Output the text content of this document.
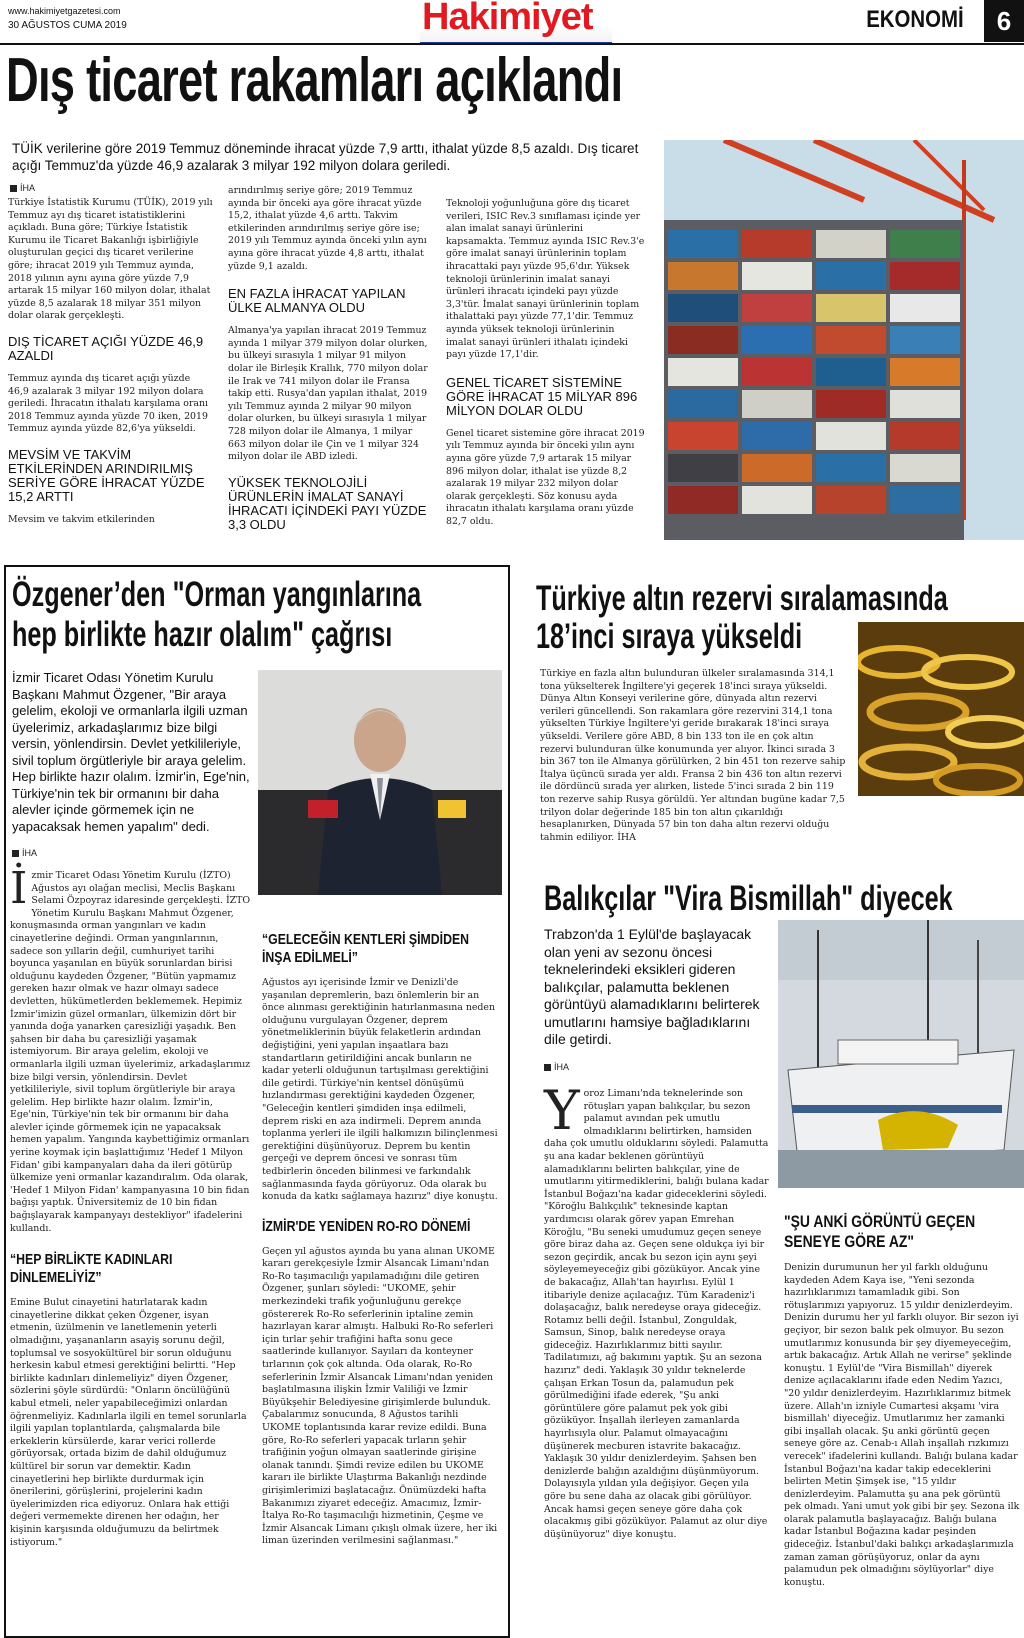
www.hakimiyetgazetesi.com
30 AĞUSTOS CUMA 2019	Hakimiyet	EKONOMİ	6
Dış ticaret rakamları açıklandı
TÜİK verilerine göre 2019 Temmuz döneminde ihracat yüzde 7,9 arttı, ithalat yüzde 8,5 azaldı. Dış ticaret açığı Temmuz'da yüzde 46,9 azalarak 3 milyar 192 milyon dolara geriledi.
İHA

Türkiye İstatistik Kurumu (TÜİK), 2019 yılı Temmuz ayı dış ticaret istatistiklerini açıkladı. Buna göre; Türkiye İstatistik Kurumu ile Ticaret Bakanlığı işbirliğiyle oluşturulan geçici dış ticaret verilerine göre; ihracat 2019 yılı Temmuz ayında, 2018 yılının aynı ayına göre yüzde 7,9 artarak 15 milyar 160 milyon dolar, ithalat yüzde 8,5 azalarak 18 milyar 351 milyon dolar olarak gerçekleşti.

DIŞ TİCARET AÇIĞI YÜZDE 46,9 AZALDI

Temmuz ayında dış ticaret açığı yüzde 46,9 azalarak 3 milyar 192 milyon dolara geriledi. İhracatın ithalatı karşılama oranı 2018 Temmuz ayında yüzde 70 iken, 2019 Temmuz ayında yüzde 82,6'ya yükseldi.

MEVSİM VE TAKVİM ETKİLERİNDEN ARINDIRILMIŞ SERİYE GÖRE İHRACAT YÜZDE 15,2 ARTTI

Mevsim ve takvim etkilerinden

arındırılmış seriye göre; 2019 Temmuz ayında bir önceki aya göre ihracat yüzde 15,2, ithalat yüzde 4,6 arttı. Takvim etkilerinden arındırılmış seriye göre ise; 2019 yılı Temmuz ayında önceki yılın aynı ayına göre ihracat yüzde 4,8 arttı, ithalat yüzde 9,1 azaldı.

EN FAZLA İHRACAT YAPILAN ÜLKE ALMANYA OLDU

Almanya'ya yapılan ihracat 2019 Temmuz ayında 1 milyar 379 milyon dolar olurken, bu ülkeyi sırasıyla 1 milyar 91 milyon dolar ile Birleşik Krallık, 770 milyon dolar ile Irak ve 741 milyon dolar ile Fransa takip etti. Rusya'dan yapılan ithalat, 2019 yılı Temmuz ayında 2 milyar 90 milyon dolar olurken, bu ülkeyi sırasıyla 1 milyar 728 milyon dolar ile Almanya, 1 milyar 663 milyon dolar ile Çin ve 1 milyar 324 milyon dolar ile ABD izledi.

YÜKSEK TEKNOLOJİLİ ÜRÜNLERİN İMALAT SANAYİ İHRACATI İÇİNDEKİ PAYI YÜZDE 3,3 OLDU

Teknoloji yoğunluğuna göre dış ticaret verileri, ISIC Rev.3 sınıflaması içinde yer alan imalat sanayi ürünlerini kapsamakta. Temmuz ayında ISIC Rev.3'e göre imalat sanayi ürünlerinin toplam ihracattaki payı yüzde 95,6'dır. Yüksek teknoloji ürünlerinin imalat sanayi ürünleri ihracatı içindeki payı yüzde 3,3'tür. İmalat sanayi ürünlerinin toplam ithalattaki payı yüzde 77,1'dir. Temmuz ayında yüksek teknoloji ürünlerinin imalat sanayi ürünleri ithalatı içindeki payı yüzde 17,1'dir.

GENEL TİCARET SİSTEMİNE GÖRE İHRACAT 15 MİLYAR 896 MİLYON DOLAR OLDU

Genel ticaret sistemine göre ihracat 2019 yılı Temmuz ayında bir önceki yılın aynı ayına göre yüzde 7,9 artarak 15 milyar 896 milyon dolar, ithalat ise yüzde 8,2 azalarak 19 milyar 232 milyon dolar olarak gerçekleşti. Söz konusu ayda ihracatın ithalatı karşılama oranı yüzde 82,7 oldu.

Özgener’den "Orman yangınlarına
hep birlikte hazır olalım" çağrısı
İzmir Ticaret Odası Yönetim Kurulu Başkanı Mahmut Özgener, "Bir araya gelelim, ekoloji ve ormanlarla ilgili uzman üyelerimiz, arkadaşlarımız bize bilgi versin, yönlendirsin. Devlet yetkilileriyle, sivil toplum örgütleriyle bir araya gelelim. Hep birlikte hazır olalım. İzmir'in, Ege'nin, Türkiye'nin tek bir ormanını bir daha alevler içinde görmemek için ne yapacaksak hemen yapalım" dedi.
İHA
İzmir Ticaret Odası Yönetim Kurulu (İZTO) Ağustos ayı olağan meclisi, Meclis Başkanı Selami Özpoyraz idaresinde gerçekleşti. İZTO Yönetim Kurulu Başkanı Mahmut Özgener, konuşmasında orman yangınları ve kadın cinayetlerine değindi. Orman yangınlarının, sadece son yıllarin değil, cumhuriyet tarihi boyunca yaşanılan en büyük sorunlardan birisi olduğunu kaydeden Özgener, "Bütün yapmamız gereken hazır olmak ve hazır olmayı sadece devletten, hükümetlerden beklememek. Hepimiz İzmir'imizin güzel ormanları, ülkemizin dört bir yanında doğa yanarken çaresizliği yaşadık. Ben şahsen bir daha bu çaresizliği yaşamak istemiyorum. Bir araya gelelim, ekoloji ve ormanlarla ilgili uzman üyelerimiz, arkadaşlarımız bize bilgi versin, yönlendirsin. Devlet yetkilileriyle, sivil toplum örgütleriyle bir araya gelelim. Hep birlikte hazır olalım. İzmir'in, Ege'nin, Türkiye'nin tek bir ormanını bir daha alevler içinde görmemek için ne yapacaksak hemen yapalım. Yangında kaybettiğimiz ormanları yerine koymak için başlattığımız 'Hedef 1 Milyon Fidan' gibi kampanyaları daha da ileri götürüp ülkemize yeni ormanlar kazandıralım. Oda olarak, 'Hedef 1 Milyon Fidan' kampanyasına 10 bin fidan bağışı yaptık. Üniversitemiz de 10 bin fidan bağışlayarak kampanyayı destekliyor" ifadelerini kullandı.
“HEP BİRLİKTE KADINLARI DİNLEMELİYİZ”

Emine Bulut cinayetini hatırlatarak kadın cinayetlerine dikkat çeken Özgener, isyan etmenin, üzülmenin ve lanetlemenin yeterli olmadığını, yaşananların asayiş sorunu değil, toplumsal ve sosyokültürel bir sorun olduğunu herkesin kabul etmesi gerektiğini belirtti. "Hep birlikte kadınları dinlemeliyiz" diyen Özgener, sözlerini şöyle sürdürdü: "Onların öncülüğünü kabul etmeli, neler yapabileceğimizi onlardan öğrenmeliyiz. Kadınlarla ilgili en temel sorunlarla ilgili yapılan toplantılarda, çalışmalarda bile erkeklerin kürsülerde, karar verici rollerde görüyorsak, ortada bizim de dahil olduğumuz kültürel bir sorun var demektir. Kadın cinayetlerini hep birlikte durdurmak için önerilerini, görüşlerini, projelerini kadın üyelerimizden rica ediyoruz. Onlara hak ettiği değeri vermemekte direnen her odağın, her kişinin karşısında olduğumuzu da belirtmek istiyorum."

“GELECEĞİN KENTLERİ ŞİMDİDEN İNŞA EDİLMELİ”

Ağustos ayı içerisinde İzmir ve Denizli'de yaşanılan depremlerin, bazı önlemlerin bir an önce alınması gerektiğinin hatırlanmasına neden olduğunu vurgulayan Özgener, deprem yönetmeliklerinin büyük felaketlerin ardından değiştiğini, yeni yapılan inşaatlara bazı standartların getirildiğini ancak bunların ne kadar yeterli olduğunun tartışılması gerektiğini dile getirdi. Türkiye'nin kentsel dönüşümü hızlandırması gerektiğini kaydeden Özgener, "Geleceğin kentleri şimdiden inşa edilmeli, deprem riski en aza indirmeli. Deprem anında toplanma yerleri ile ilgili halkımızın bilinçlenmesi gerektiğini düşünüyoruz. Deprem bu kentin gerçeği ve deprem öncesi ve sonrası tüm tedbirlerin önceden bilinmesi ve farkındalık sağlanmasında fayda görüyoruz. Oda olarak bu konuda da katkı sağlamaya hazırız" diye konuştu.

İZMİR'DE YENİDEN RO-RO DÖNEMİ

Geçen yıl ağustos ayında bu yana alınan UKOME kararı gerekçesiyle İzmir Alsancak Limanı'ndan Ro-Ro taşımacılığı yapılamadığını dile getiren Özgener, şunları söyledi: "UKOME, şehir merkezindeki trafik yoğunluğunu gerekçe göstererek Ro-Ro seferlerinin iptaline zemin hazırlayan karar almıştı. Halbuki Ro-Ro seferleri için tırlar şehir trafiğini hafta sonu gece saatlerinde kullanıyor. Sayıları da konteyner tırlarının çok çok altında. Oda olarak, Ro-Ro seferlerinin İzmir Alsancak Limanı'ndan yeniden başlatılmasına ilişkin İzmir Valiliği ve İzmir Büyükşehir Belediyesine girişimlerde bulunduk. Çabalarımız sonucunda, 8 Ağustos tarihli UKOME toplantısında karar revize edildi. Buna göre, Ro-Ro seferleri yapacak tırların şehir trafiğinin yoğun olmayan saatlerinde girişine olanak tanındı. Şimdi revize edilen bu UKOME kararı ile birlikte Ulaştırma Bakanlığı nezdinde girişimlerimizi başlatacağız. Önümüzdeki hafta Bakanımızı ziyaret edeceğiz. Amacımız, İzmir-İtalya Ro-Ro taşımacılığı hizmetinin, Çeşme ve İzmir Alsancak Limanı çıkışlı olmak üzere, her iki liman üzerinden verilmesini sağlanması."

Türkiye altın rezervi sıralamasında
18’inci sıraya yükseldi

Türkiye en fazla altın bulunduran ülkeler sıralamasında 314,1 tona yükselterek İngiltere'yi geçerek 18'inci sıraya yükseldi. Dünya Altın Konseyi verilerine göre, dünyada altın rezervi verileri güncellendi. Son rakamlara göre rezervini 314,1 tona yükselten Türkiye İngiltere'yi geride bırakarak 18'inci sıraya yükseldi. Verilere göre ABD, 8 bin 133 ton ile en çok altın rezervi bulunduran ülke konumunda yer alıyor. İkinci sırada 3 bin 367 ton ile Almanya görülürken, 2 bin 451 ton rezerve sahip İtalya üçüncü sırada yer aldı. Fransa 2 bin 436 ton altın rezervi ile dördüncü sırada yer alırken, listede 5'inci sırada 2 bin 119 ton rezerve sahip Rusya görüldü. Yer altından bugüne kadar 7,5 trilyon dolar değerinde 185 bin ton altın çıkarıldığı hesaplanırken, Dünyada 57 bin ton daha altın rezervi olduğu tahmin ediliyor. İHA

Balıkçılar "Vira Bismillah" diyecek
Trabzon'da 1 Eylül'de başlayacak olan yeni av sezonu öncesi teknelerindeki eksikleri gideren balıkçılar, palamutta beklenen görüntüyü alamadıklarını belirterek umutlarını hamsiye bağladıklarını dile getirdi.
İHA
Yoroz Limanı'nda teknelerinde son rötuşları yapan balıkçılar, bu sezon palamut avından pek umutlu olmadıklarını belirtirken, hamsiden daha çok umutlu olduklarını söyledi. Palamutta şu ana kadar beklenen görüntüyü alamadıklarını belirten balıkçılar, yine de umutlarını yitirmediklerini, balığı bulana kadar İstanbul Boğazı'na kadar gideceklerini söyledi. "Köroğlu Balıkçılık" teknesinde kaptan yardımcısı olarak görev yapan Emrehan Köroğlu, "Bu seneki umudumuz geçen seneye göre biraz daha az. Geçen sene oldukça iyi bir sezon geçirdik, ancak bu sezon için aynı şeyi söyleyemeyeceğiz gibi gözüküyor. Ancak yine de bakacağız, Allah'tan hayırlısı. Eylül 1 itibariyle denize açılacağız. Tüm Karadeniz'i dolaşacağız, balık neredeyse oraya gideceğiz. Rotamız belli değil. İstanbul, Zonguldak, Samsun, Sinop, balık neredeyse oraya gideceğiz. Hazırlıklarımız bitti sayılır. Tadilatımızı, ağ bakımını yaptık. Şu an sezona hazırız" dedi. Yaklaşık 30 yıldır teknelerde çalışan Erkan Tosun da, palamudun pek görülmediğini ifade ederek, "Şu anki görüntülere göre palamut pek yok gibi gözüküyor. İnşallah ilerleyen zamanlarda hayırlısıyla olur. Palamut olmayacağını düşünerek mecburen istavrite bakacağız. Yaklaşık 30 yıldır denizlerdeyim. Şahsen ben denizlerde balığın azaldığını düşünmüyorum. Dolayısıyla yıldan yıla değişiyor. Geçen yıla göre bu sene daha az olacak gibi görülüyor. Ancak hamsi geçen seneye göre daha çok olacakmış gibi gözüküyor. Palamut az olur diye düşünüyoruz" diye konuştu.
"ŞU ANKİ GÖRÜNTÜ GEÇEN SENEYE GÖRE AZ"

Denizin durumunun her yıl farklı olduğunu kaydeden Adem Kaya ise, "Yeni sezonda hazırlıklarımızı tamamladık gibi. Son rötuşlarımızı yapıyoruz. 15 yıldır denizlerdeyim. Denizin durumu her yıl farklı oluyor. Bir sezon iyi geçiyor, bir sezon balık pek olmuyor. Bu sezon umutlarımız konusunda bir şey diyemeyeceğim, artık bakacağız. Artık Allah ne verirse" şeklinde konuştu. 1 Eylül'de "Vira Bismillah" diyerek denize açılacaklarını ifade eden Nedim Yazıcı, "20 yıldır denizlerdeyim. Hazırlıklarımız bitmek üzere. Allah'ın izniyle Cumartesi akşamı 'vira bismillah' diyeceğiz. Umutlarımız her zamanki gibi inşallah olacak. Şu anki görüntü geçen seneye göre az. Cenab-ı Allah inşallah rızkımızı verecek" ifadelerini kullandı. Balığı bulana kadar İstanbul Boğazı'na kadar takip edeceklerini belirten Metin Şimşek ise, "15 yıldır denizlerdeyim. Palamutta şu ana pek görüntü pek olmadı. Yani umut yok gibi bir şey. Sezona ilk olarak palamutla başlayacağız. Balığı bulana kadar İstanbul Boğazına kadar peşinden gideceğiz. İstanbul'daki balıkçı arkadaşlarımızla zaman zaman görüşüyoruz, onlar da aynı palamudun pek olmadığını söylüyorlar" diye konuştu.
